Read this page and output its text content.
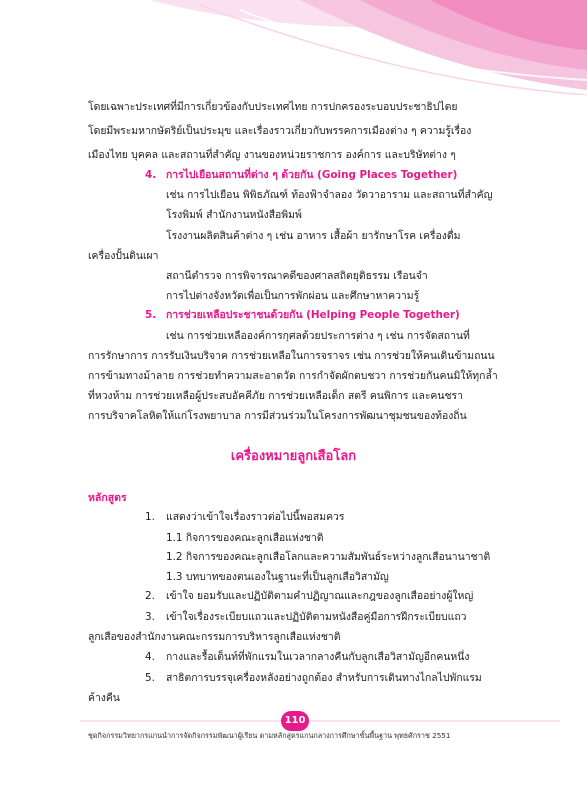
โดยเฉพาะประเทศที่มีการเกี่ยวข้องกับประเทศไทย การปกครองระบอบประชาธิปไตย
โดยมีพระมหากษัตริย์เป็นประมุข และเรื่องราวเกี่ยวกับพรรคการเมืองต่าง ๆ ความรู้เรื่อง
เมืองไทย บุคคล และสถานที่สำคัญ งานของหน่วยราชการ องค์การ และบริษัทต่าง ๆ
4. การไปเยือนสถานที่ต่าง ๆ ด้วยกัน (Going Places Together)
เช่น การไปเยือน พิพิธภัณฑ์ ท้องฟ้าจำลอง วัดวาอาราม และสถานที่สำคัญ
โรงพิมพ์ สำนักงานหนังสือพิมพ์
โรงงานผลิตสินค้าต่าง ๆ เช่น อาหาร เสื้อผ้า ยารักษาโรค เครื่องดื่ม
เครื่องปั้นดินเผา
สถานีตำรวจ การพิจารณาคดีของศาลสถิตยุติธรรม เรือนจำ
การไปต่างจังหวัดเพื่อเป็นการพักผ่อน และศึกษาหาความรู้
5. การช่วยเหลือประชาชนด้วยกัน (Helping People Together)
เช่น การช่วยเหลือองค์การกุศลด้วยประการต่าง ๆ เช่น การจัดสถานที่
การรักษาการ การรับเงินบริจาค การช่วยเหลือในการจราจร เช่น การช่วยให้คนเดินข้ามถนน
การข้ามทางม้าลาย การช่วยทำความสะอาดวัด การกำจัดผักตบชวา การช่วยกันคนมิให้ทุกล้ำ
ที่หวงห้าม การช่วยเหลือผู้ประสบอัคคีภัย การช่วยเหลือเด็ก สตรี คนพิการ และคนชรา
การบริจาคโลหิตให้แก่โรงพยาบาล การมีส่วนร่วมในโครงการพัฒนาชุมชนของท้องถิ่น
เครื่องหมายลูกเสือโลก
หลักสูตร
1. แสดงว่าเข้าใจเรื่องราวต่อไปนี้พอสมควร
1.1 กิจการของคณะลูกเสือแห่งชาติ
1.2 กิจการของคณะลูกเสือโลกและความสัมพันธ์ระหว่างลูกเสือนานาชาติ
1.3 บทบาทของตนเองในฐานะที่เป็นลูกเสือวิสามัญ
2. เข้าใจ ยอมรับและปฏิบัติตามคำปฏิญาณและกฎของลูกเสืออย่างผู้ใหญ่
3. เข้าใจเรื่องระเบียบแถวและปฏิบัติตามหนังสือคู่มือการฝึกระเบียบแถว
ลูกเสือของสำนักงานคณะกรรมการบริหารลูกเสือแห่งชาติ
4. กางและรื้อเต็นท์ที่พักแรมในเวลากลางคืนกับลูกเสือวิสามัญอีกคนหนึ่ง
5. สาธิตการบรรจุเครื่องหลังอย่างถูกต้อง สำหรับการเดินทางไกลไปพักแรม
ค้างคืน
110
ชุดกิจกรรมวิทยากรแกนนำการจัดกิจกรรมพัฒนาผู้เรียน ตามหลักสูตรแกนกลางการศึกษาขั้นพื้นฐาน พุทธศักราช 2551
